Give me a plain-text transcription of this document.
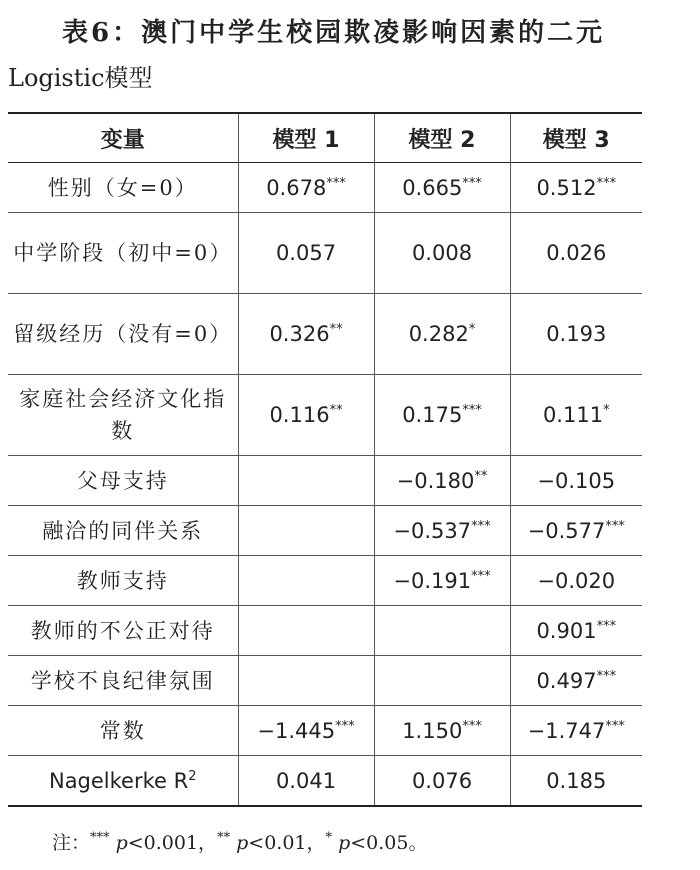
表6：澳门中学生校园欺凌影响因素的二元
Logistic模型
变量	模型 1	模型 2	模型 3
性别（女=0）	0.678***	0.665***	0.512***
中学阶段（初中=0）	0.057	0.008	0.026
留级经历（没有=0）	0.326**	0.282*	0.193
家庭社会经济文化指数	0.116**	0.175***	0.111*
父母支持		−0.180**	−0.105
融洽的同伴关系		−0.537***	−0.577***
教师支持		−0.191***	−0.020
教师的不公正对待			0.901***
学校不良纪律氛围			0.497***
常数	−1.445***	1.150***	−1.747***
Nagelkerke $R^2$	0.041	0.076	0.185
注：*** p<0.001，** p<0.01，* p<0.05。
